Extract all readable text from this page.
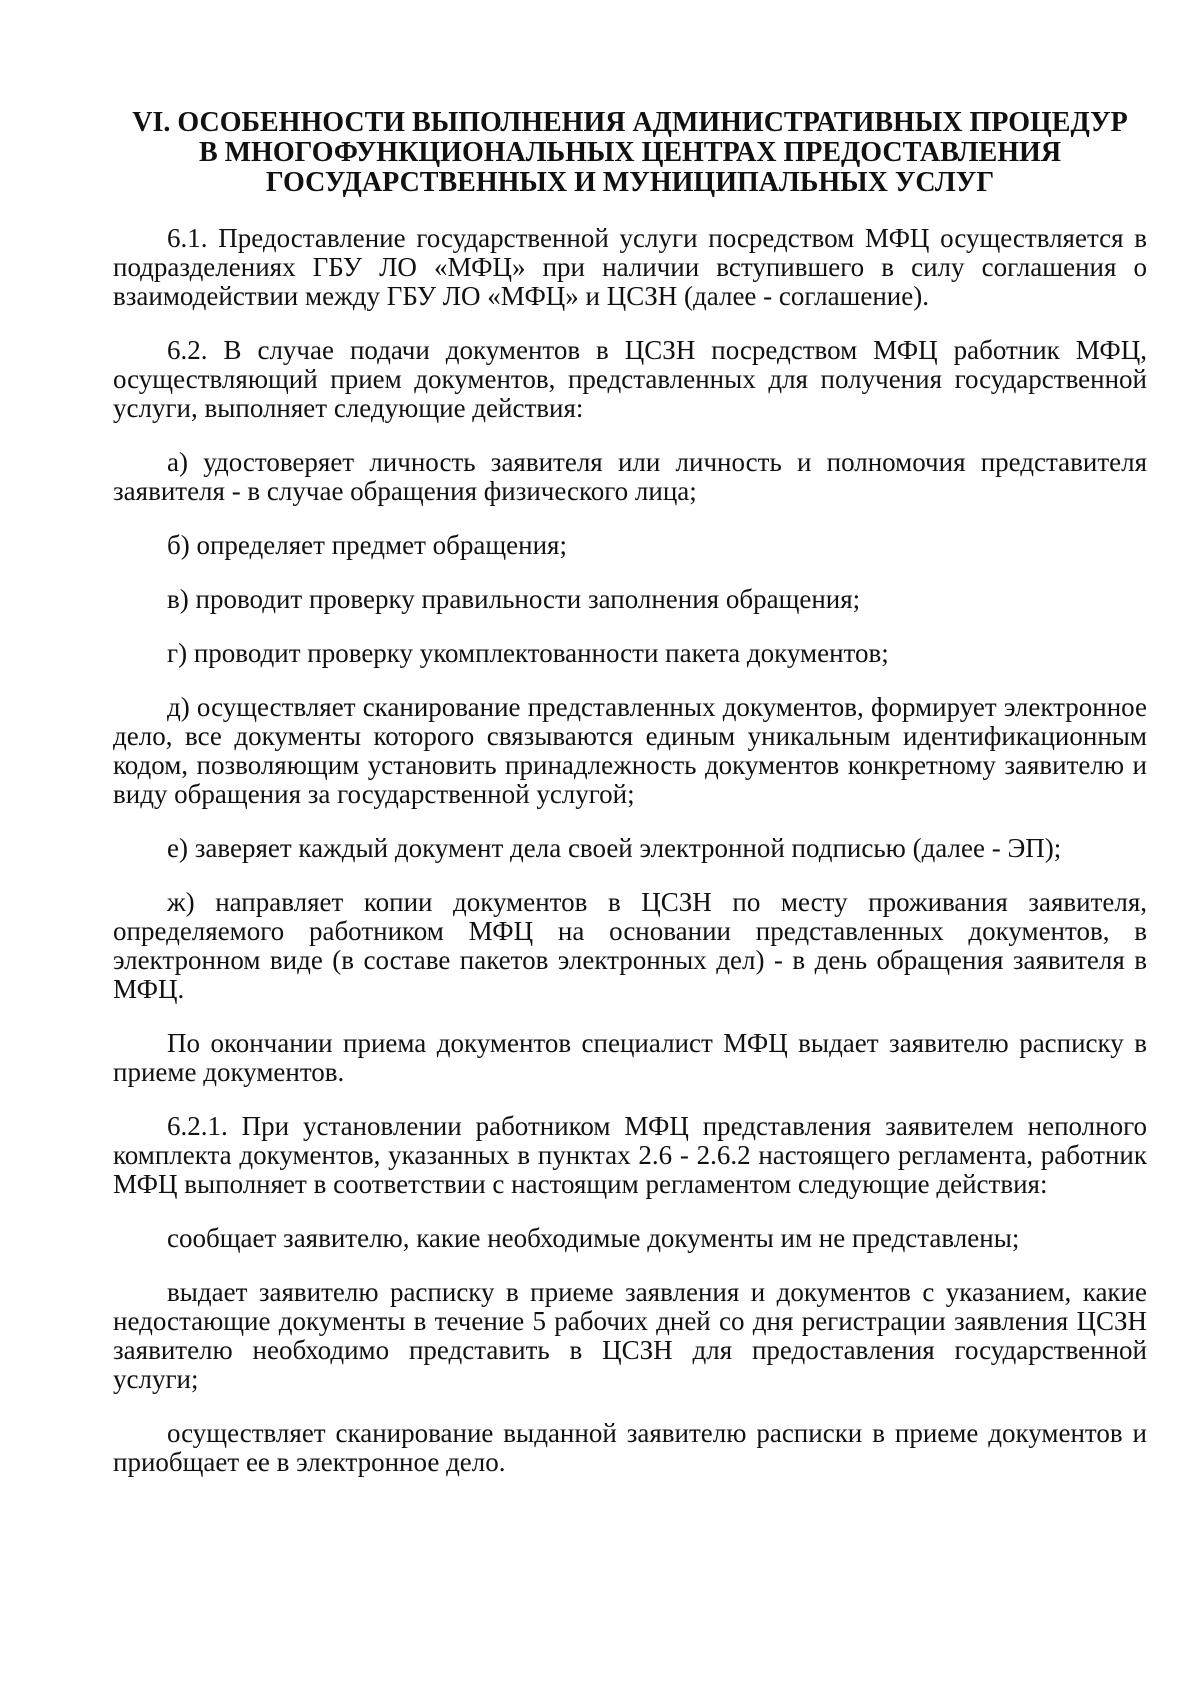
VI. ОСОБЕННОСТИ ВЫПОЛНЕНИЯ АДМИНИСТРАТИВНЫХ ПРОЦЕДУР
В МНОГОФУНКЦИОНАЛЬНЫХ ЦЕНТРАХ ПРЕДОСТАВЛЕНИЯ
ГОСУДАРСТВЕННЫХ И МУНИЦИПАЛЬНЫХ УСЛУГ

6.1. Предоставление государственной услуги посредством МФЦ осуществляется в подразделениях ГБУ ЛО «МФЦ» при наличии вступившего в силу соглашения о взаимодействии между ГБУ ЛО «МФЦ» и ЦСЗН (далее - соглашение).

6.2. В случае подачи документов в ЦСЗН посредством МФЦ работник МФЦ, осуществляющий прием документов, представленных для получения государственной услуги, выполняет следующие действия:

а) удостоверяет личность заявителя или личность и полномочия представителя заявителя - в случае обращения физического лица;

б) определяет предмет обращения;

в) проводит проверку правильности заполнения обращения;

г) проводит проверку укомплектованности пакета документов;

д) осуществляет сканирование представленных документов, формирует электронное дело, все документы которого связываются единым уникальным идентификационным кодом, позволяющим установить принадлежность документов конкретному заявителю и виду обращения за государственной услугой;

е) заверяет каждый документ дела своей электронной подписью (далее - ЭП);

ж) направляет копии документов в ЦСЗН по месту проживания заявителя, определяемого работником МФЦ на основании представленных документов, в электронном виде (в составе пакетов электронных дел) - в день обращения заявителя в МФЦ.

По окончании приема документов специалист МФЦ выдает заявителю расписку в приеме документов.

6.2.1. При установлении работником МФЦ представления заявителем неполного комплекта документов, указанных в пунктах 2.6 - 2.6.2 настоящего регламента, работник МФЦ выполняет в соответствии с настоящим регламентом следующие действия:

сообщает заявителю, какие необходимые документы им не представлены;

выдает заявителю расписку в приеме заявления и документов с указанием, какие недостающие документы в течение 5 рабочих дней со дня регистрации заявления ЦСЗН заявителю необходимо представить в ЦСЗН для предоставления государственной услуги;

осуществляет сканирование выданной заявителю расписки в приеме документов и приобщает ее в электронное дело.
